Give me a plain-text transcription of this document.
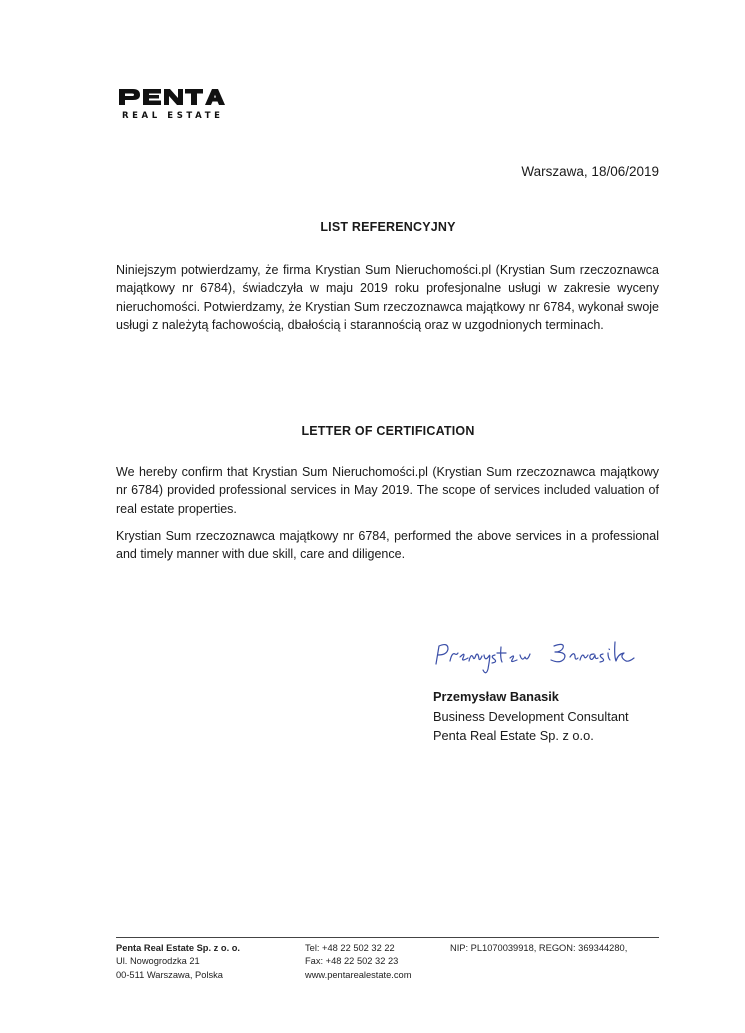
REAL ESTATE
Warszawa, 18/06/2019
LIST REFERENCYJNY

Niniejszym potwierdzamy, że firma Krystian Sum Nieruchomości.pl (Krystian Sum rzeczoznawca majątkowy nr 6784), świadczyła w maju 2019 roku profesjonalne usługi w zakresie wyceny nieruchomości. Potwierdzamy, że Krystian Sum rzeczoznawca majątkowy nr 6784, wykonał swoje usługi z należytą fachowością, dbałością i starannością oraz w uzgodnionych terminach.

LETTER OF CERTIFICATION

We hereby confirm that Krystian Sum Nieruchomości.pl (Krystian Sum rzeczoznawca majątkowy nr 6784) provided professional services in May 2019. The scope of services included valuation of real estate properties.

Krystian Sum rzeczoznawca majątkowy nr 6784, performed the above services in a professional and timely manner with due skill, care and diligence.

Przemysław Banasik
Business Development Consultant
Penta Real Estate Sp. z o.o.
Penta Real Estate Sp. z o. o.
Ul. Nowogrodzka 21
00-511 Warszawa, Polska
Tel: +48 22 502 32 22
Fax: +48 22 502 32 23
www.pentarealestate.com
NIP: PL1070039918, REGON: 369344280,
